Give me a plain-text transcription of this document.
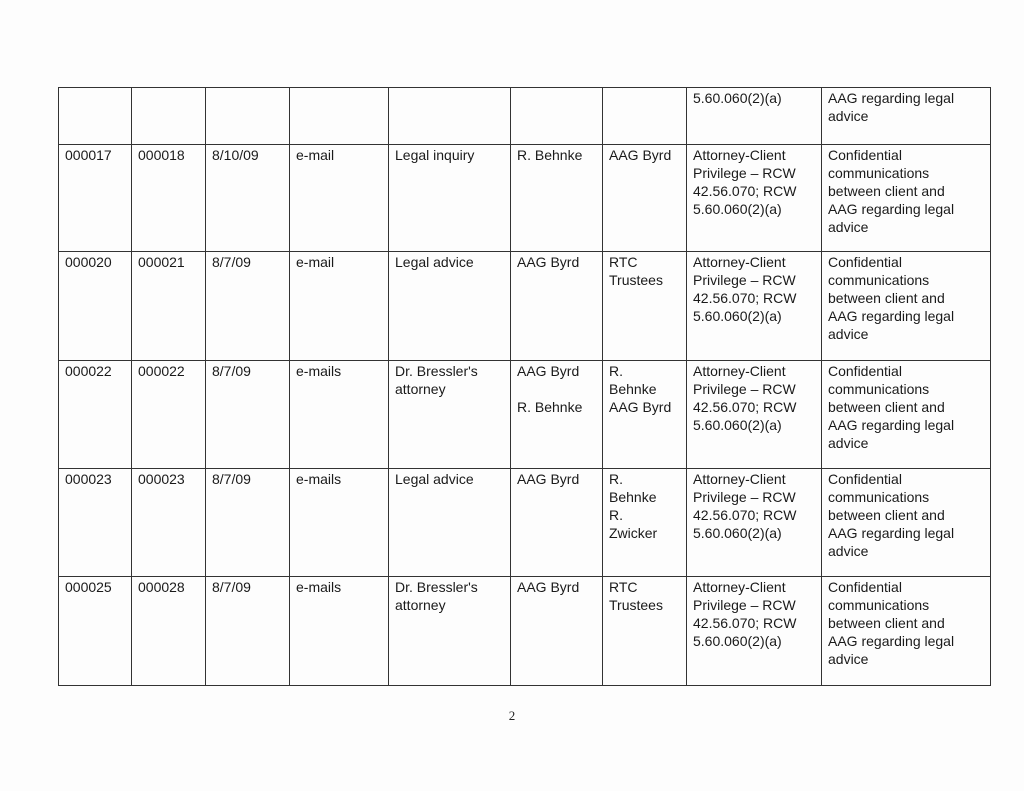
							5.60.060(2)(a)	AAG regarding legal
advice

000017	000018	8/10/09	e-mail	Legal inquiry	R. Behnke	AAG Byrd	Attorney-Client
Privilege – RCW
42.56.070; RCW
5.60.060(2)(a)	Confidential
communications
between client and
AAG regarding legal
advice

000020	000021	8/7/09	e-mail	Legal advice	AAG Byrd	RTC
Trustees	Attorney-Client
Privilege – RCW
42.56.070; RCW
5.60.060(2)(a)	Confidential
communications
between client and
AAG regarding legal
advice

000022	000022	8/7/09	e-mails	Dr. Bressler's
attorney	AAG Byrd
R. Behnke	R.
Behnke
AAG Byrd	Attorney-Client
Privilege – RCW
42.56.070; RCW
5.60.060(2)(a)	Confidential
communications
between client and
AAG regarding legal
advice

000023	000023	8/7/09	e-mails	Legal advice	AAG Byrd	R.
Behnke
R.
Zwicker	Attorney-Client
Privilege – RCW
42.56.070; RCW
5.60.060(2)(a)	Confidential
communications
between client and
AAG regarding legal
advice

000025	000028	8/7/09	e-mails	Dr. Bressler's
attorney	AAG Byrd	RTC
Trustees	Attorney-Client
Privilege – RCW
42.56.070; RCW
5.60.060(2)(a)	Confidential
communications
between client and
AAG regarding legal
advice
2
